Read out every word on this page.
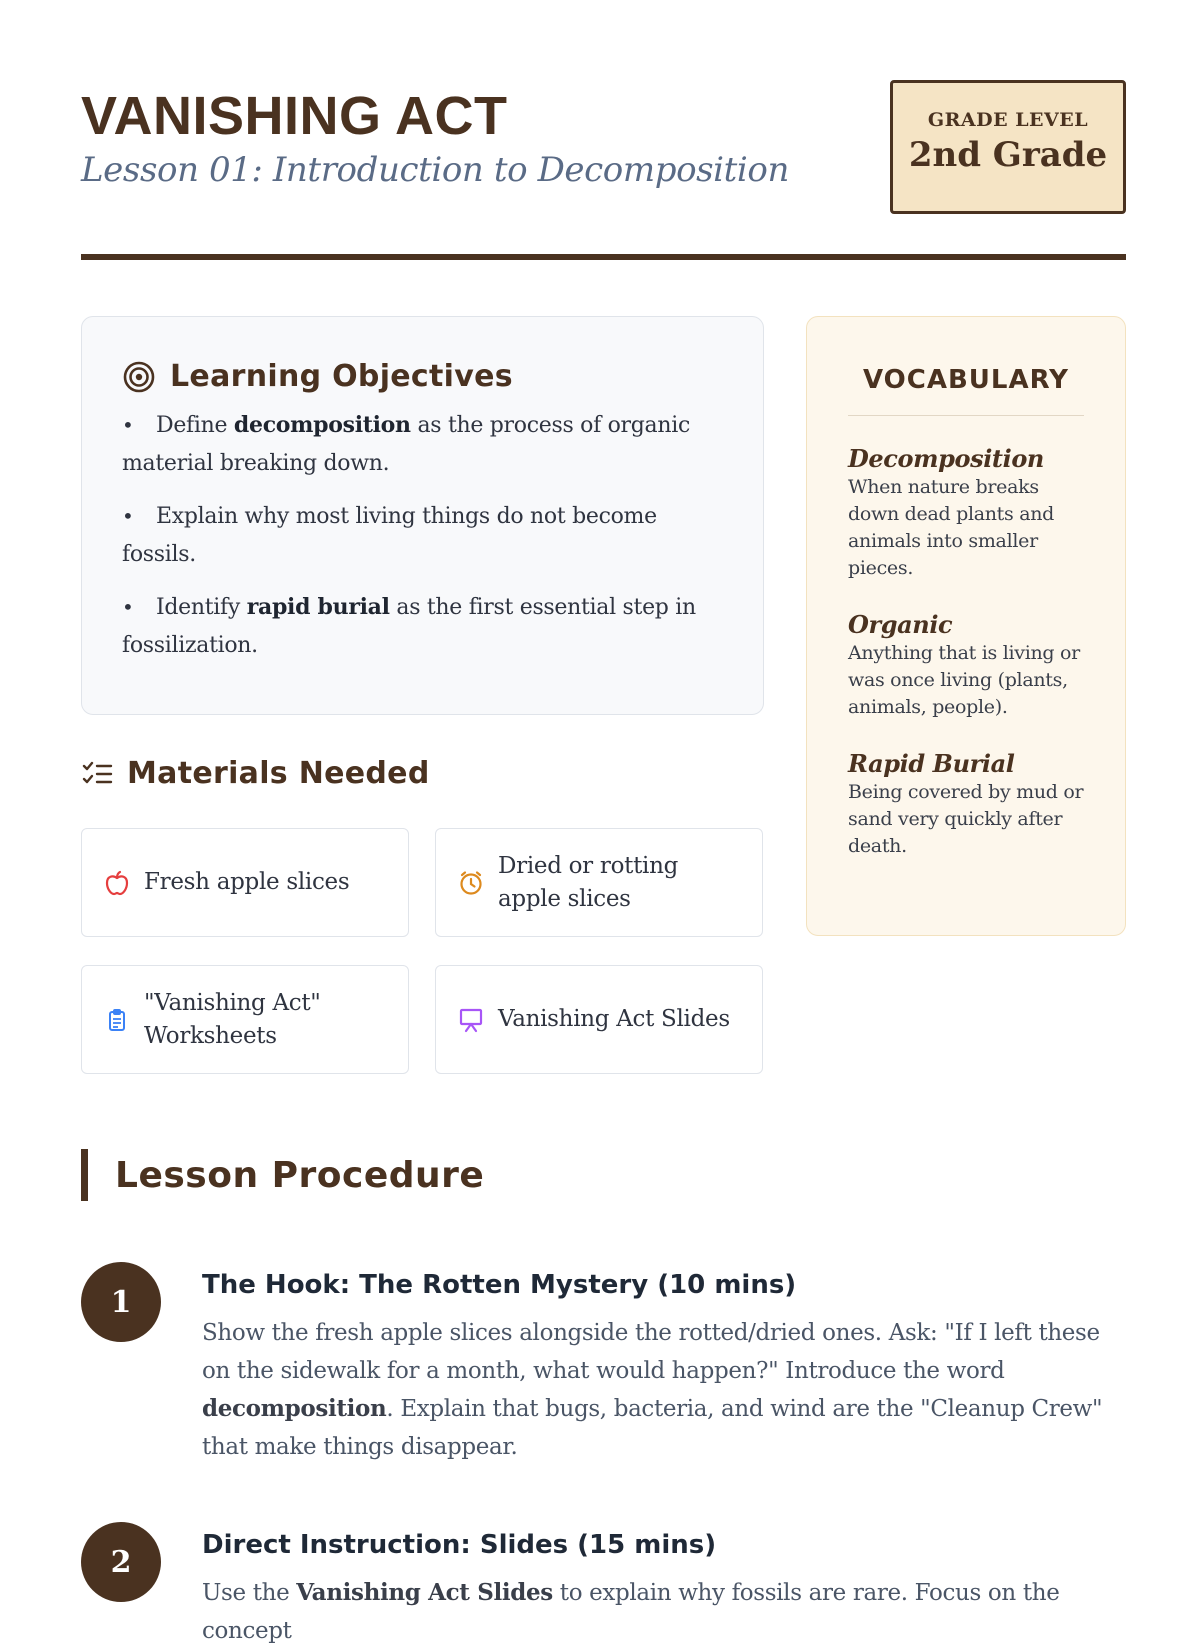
VANISHING ACT
Lesson 01: Introduction to Decomposition
GRADE LEVEL
2nd Grade
Learning Objectives
• Define decomposition as the process of organic material breaking down.
• Explain why most living things do not become fossils.
• Identify rapid burial as the first essential step in fossilization.
Materials Needed
Fresh apple slices
Dried or rotting apple slices
"Vanishing Act" Worksheets
Vanishing Act Slides
VOCABULARY
Decomposition
When nature breaks down dead plants and animals into smaller pieces.
Organic
Anything that is living or was once living (plants, animals, people).
Rapid Burial
Being covered by mud or sand very quickly after death.
Lesson Procedure
1	The Hook: The Rotten Mystery (10 mins)

Show the fresh apple slices alongside the rotted/dried ones. Ask: "If I left these on the sidewalk for a month, what would happen?" Introduce the word decomposition. Explain that bugs, bacteria, and wind are the "Cleanup Crew" that make things disappear.

2	Direct Instruction: Slides (15 mins)

Use the Vanishing Act Slides to explain why fossils are rare. Focus on the concept
